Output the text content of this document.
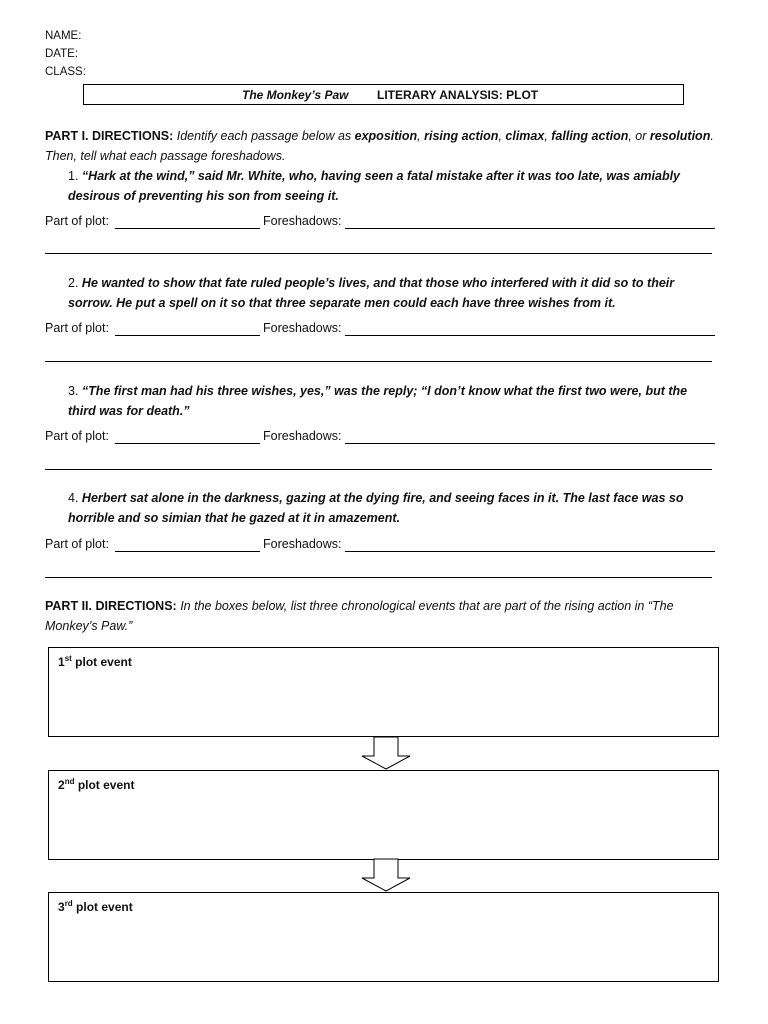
NAME:
DATE:
CLASS:
The Monkey’s Paw LITERARY ANALYSIS: PLOT
PART I. DIRECTIONS: Identify each passage below as exposition, rising action, climax, falling action, or resolution. Then, tell what each passage foreshadows.
1. “Hark at the wind,” said Mr. White, who, having seen a fatal mistake after it was too late, was amiably desirous of preventing his son from seeing it.
Part of plot:	Foreshadows:
2. He wanted to show that fate ruled people’s lives, and that those who interfered with it did so to their sorrow. He put a spell on it so that three separate men could each have three wishes from it.
Part of plot:	Foreshadows:
3. “The first man had his three wishes, yes,” was the reply; “I don’t know what the first two were, but the third was for death.”
Part of plot:	Foreshadows:
4. Herbert sat alone in the darkness, gazing at the dying fire, and seeing faces in it. The last face was so horrible and so simian that he gazed at it in amazement.
Part of plot:	Foreshadows:
PART II. DIRECTIONS: In the boxes below, list three chronological events that are part of the rising action in “The Monkey’s Paw.”
1st plot event
2nd plot event
3rd plot event
